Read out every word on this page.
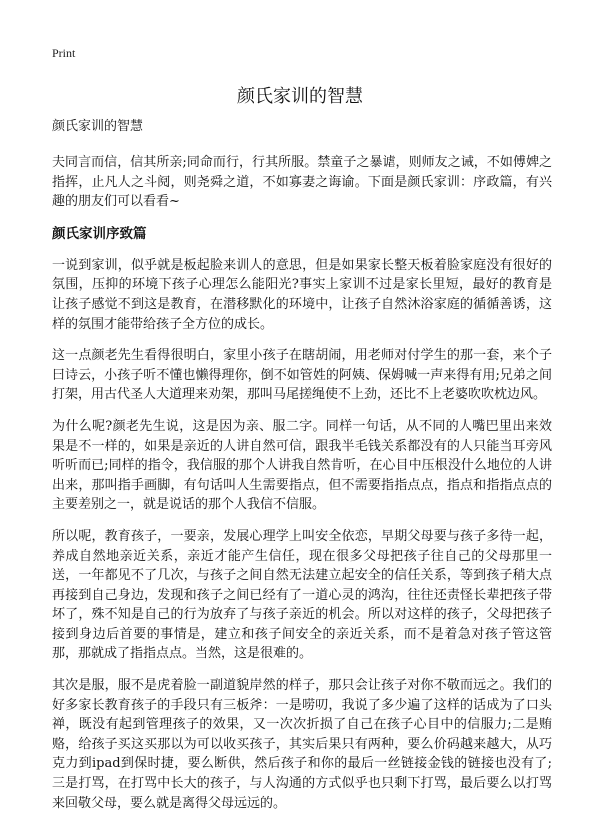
Print
颜氏家训的智慧

颜氏家训的智慧

夫同言而信，信其所亲;同命而行，行其所服。禁童子之暴谑，则师友之诫，不如傅婢之指挥，止凡人之斗阋，则尧舜之道，不如寡妻之诲谕。下面是颜氏家训：序政篇，有兴趣的朋友们可以看看~

颜氏家训序致篇

一说到家训，似乎就是板起脸来训人的意思，但是如果家长整天板着脸家庭没有很好的氛围，压抑的环境下孩子心理怎么能阳光?事实上家训不过是家长里短，最好的教育是让孩子感觉不到这是教育，在潜移默化的环境中，让孩子自然沐浴家庭的循循善诱，这样的氛围才能带给孩子全方位的成长。

这一点颜老先生看得很明白，家里小孩子在瞎胡闹，用老师对付学生的那一套，来个子曰诗云，小孩子听不懂也懒得理你，倒不如管姓的阿姨、保姆喊一声来得有用;兄弟之间打架，用古代圣人大道理来劝架，那叫马尾搓绳使不上劲，还比不上老婆吹吹枕边风。

为什么呢?颜老先生说，这是因为亲、服二字。同样一句话，从不同的人嘴巴里出来效果是不一样的，如果是亲近的人讲自然可信，跟我半毛钱关系都没有的人只能当耳旁风听听而已;同样的指令，我信服的那个人讲我自然肯听，在心目中压根没什么地位的人讲出来，那叫指手画脚，有句话叫人生需要指点，但不需要指指点点，指点和指指点点的主要差别之一，就是说话的那个人我信不信服。

所以呢，教育孩子，一要亲，发展心理学上叫安全依恋，早期父母要与孩子多待一起，养成自然地亲近关系，亲近才能产生信任，现在很多父母把孩子往自己的父母那里一送，一年都见不了几次，与孩子之间自然无法建立起安全的信任关系，等到孩子稍大点再接到自己身边，发现和孩子之间已经有了一道心灵的鸿沟，往往还责怪长辈把孩子带坏了，殊不知是自己的行为放弃了与孩子亲近的机会。所以对这样的孩子，父母把孩子接到身边后首要的事情是，建立和孩子间安全的亲近关系，而不是着急对孩子管这管那，那就成了指指点点。当然，这是很难的。

其次是服，服不是虎着脸一副道貌岸然的样子，那只会让孩子对你不敬而远之。我们的好多家长教育孩子的手段只有三板斧：一是唠叨，我说了多少遍了这样的话成为了口头禅，既没有起到管理孩子的效果，又一次次折损了自己在孩子心目中的信服力;二是贿赂，给孩子买这买那以为可以收买孩子，其实后果只有两种，要么价码越来越大，从巧克力到ipad到保时捷，要么断供，然后孩子和你的最后一丝链接金钱的链接也没有了;三是打骂，在打骂中长大的孩子，与人沟通的方式似乎也只剩下打骂，最后要么以打骂来回敬父母，要么就是离得父母远远的。
